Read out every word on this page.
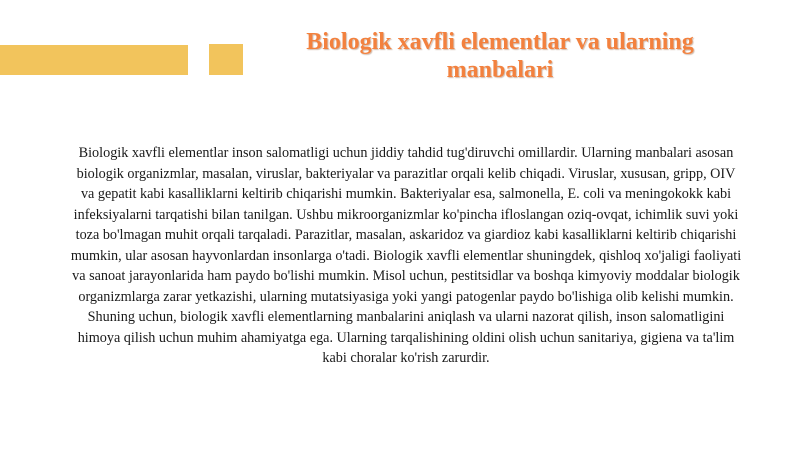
Biologik xavfli elementlar va ularning manbalari

Biologik xavfli elementlar inson salomatligi uchun jiddiy tahdid tug'diruvchi omillardir. Ularning manbalari asosan biologik organizmlar, masalan, viruslar, bakteriyalar va parazitlar orqali kelib chiqadi. Viruslar, xususan, gripp, OIV va gepatit kabi kasalliklarni keltirib chiqarishi mumkin. Bakteriyalar esa, salmonella, E. coli va meningokokk kabi infeksiyalarni tarqatishi bilan tanilgan. Ushbu mikroorganizmlar ko'pincha ifloslangan oziq-ovqat, ichimlik suvi yoki toza bo'lmagan muhit orqali tarqaladi. Parazitlar, masalan, askaridoz va giardioz kabi kasalliklarni keltirib chiqarishi mumkin, ular asosan hayvonlardan insonlarga o'tadi. Biologik xavfli elementlar shuningdek, qishloq xo'jaligi faoliyati va sanoat jarayonlarida ham paydo bo'lishi mumkin. Misol uchun, pestitsidlar va boshqa kimyoviy moddalar biologik organizmlarga zarar yetkazishi, ularning mutatsiyasiga yoki yangi patogenlar paydo bo'lishiga olib kelishi mumkin. Shuning uchun, biologik xavfli elementlarning manbalarini aniqlash va ularni nazorat qilish, inson salomatligini himoya qilish uchun muhim ahamiyatga ega. Ularning tarqalishining oldini olish uchun sanitariya, gigiena va ta'lim kabi choralar ko'rish zarurdir.
